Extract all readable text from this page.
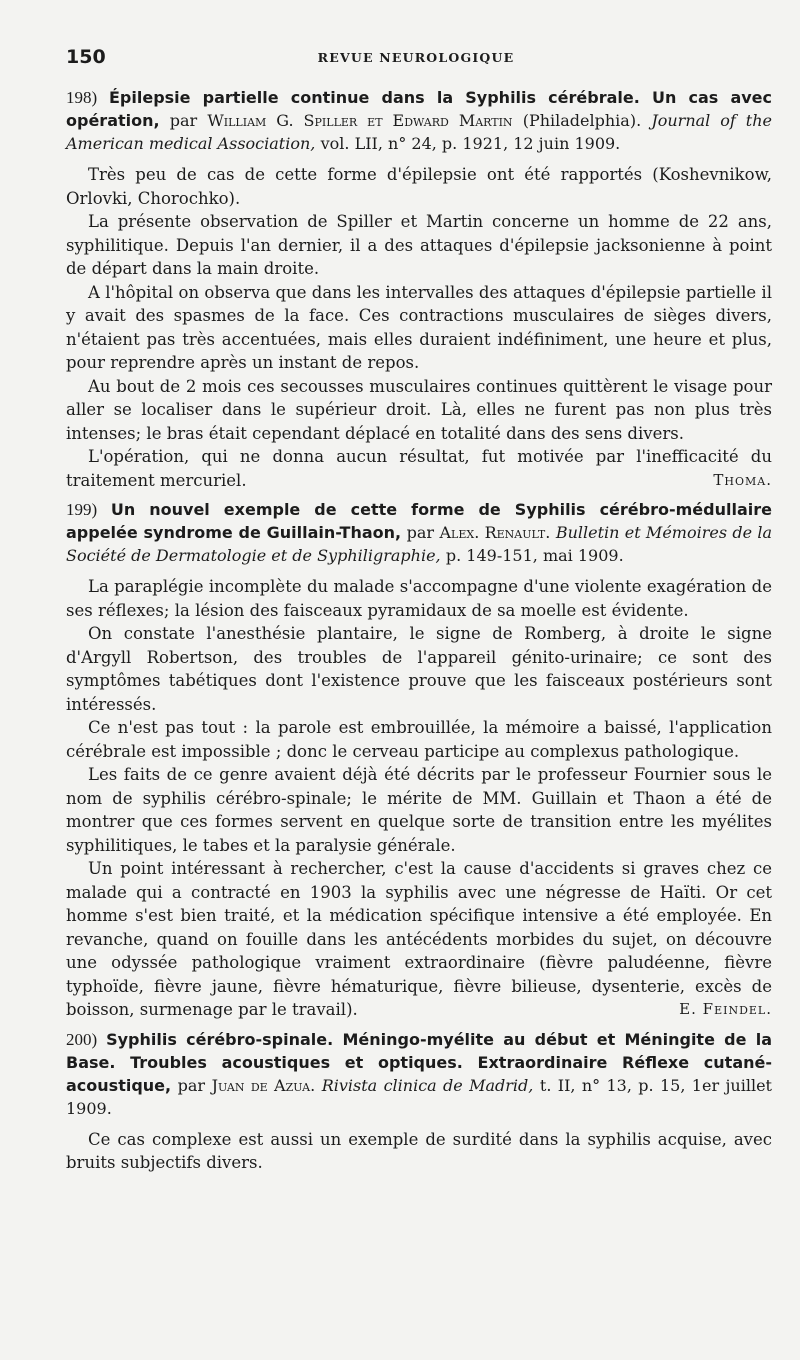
150	REVUE NEUROLOGIQUE

198) Épilepsie partielle continue dans la Syphilis cérébrale. Un cas avec opération, par William G. Spiller et Edward Martin (Philadelphia). Journal of the American medical Association, vol. LII, n° 24, p. 1921, 12 juin 1909.

Très peu de cas de cette forme d'épilepsie ont été rapportés (Koshevnikow, Orlovki, Chorochko).

La présente observation de Spiller et Martin concerne un homme de 22 ans, syphilitique. Depuis l'an dernier, il a des attaques d'épilepsie jacksonienne à point de départ dans la main droite.

A l'hôpital on observa que dans les intervalles des attaques d'épilepsie partielle il y avait des spasmes de la face. Ces contractions musculaires de sièges divers, n'étaient pas très accentuées, mais elles duraient indéfiniment, une heure et plus, pour reprendre après un instant de repos.

Au bout de 2 mois ces secousses musculaires continues quittèrent le visage pour aller se localiser dans le supérieur droit. Là, elles ne furent pas non plus très intenses; le bras était cependant déplacé en totalité dans des sens divers.

L'opération, qui ne donna aucun résultat, fut motivée par l'inefficacité du traitement mercuriel.	Thoma.

199) Un nouvel exemple de cette forme de Syphilis cérébro-médullaire appelée syndrome de Guillain-Thaon, par Alex. Renault. Bulletin et Mémoires de la Société de Dermatologie et de Syphiligraphie, p. 149-151, mai 1909.

La paraplégie incomplète du malade s'accompagne d'une violente exagération de ses réflexes; la lésion des faisceaux pyramidaux de sa moelle est évidente.

On constate l'anesthésie plantaire, le signe de Romberg, à droite le signe d'Argyll Robertson, des troubles de l'appareil génito-urinaire; ce sont des symptômes tabétiques dont l'existence prouve que les faisceaux postérieurs sont intéressés.

Ce n'est pas tout : la parole est embrouillée, la mémoire a baissé, l'application cérébrale est impossible ; donc le cerveau participe au complexus pathologique.

Les faits de ce genre avaient déjà été décrits par le professeur Fournier sous le nom de syphilis cérébro-spinale; le mérite de MM. Guillain et Thaon a été de montrer que ces formes servent en quelque sorte de transition entre les myélites syphilitiques, le tabes et la paralysie générale.

Un point intéressant à rechercher, c'est la cause d'accidents si graves chez ce malade qui a contracté en 1903 la syphilis avec une négresse de Haïti. Or cet homme s'est bien traité, et la médication spécifique intensive a été employée. En revanche, quand on fouille dans les antécédents morbides du sujet, on découvre une odyssée pathologique vraiment extraordinaire (fièvre paludéenne, fièvre typhoïde, fièvre jaune, fièvre hématurique, fièvre bilieuse, dysenterie, excès de boisson, surmenage par le travail).	E. Feindel.

200) Syphilis cérébro-spinale. Méningo-myélite au début et Méningite de la Base. Troubles acoustiques et optiques. Extraordinaire Réflexe cutané-acoustique, par Juan de Azua. Rivista clinica de Madrid, t. II, n° 13, p. 15, 1er juillet 1909.

Ce cas complexe est aussi un exemple de surdité dans la syphilis acquise, avec bruits subjectifs divers.
